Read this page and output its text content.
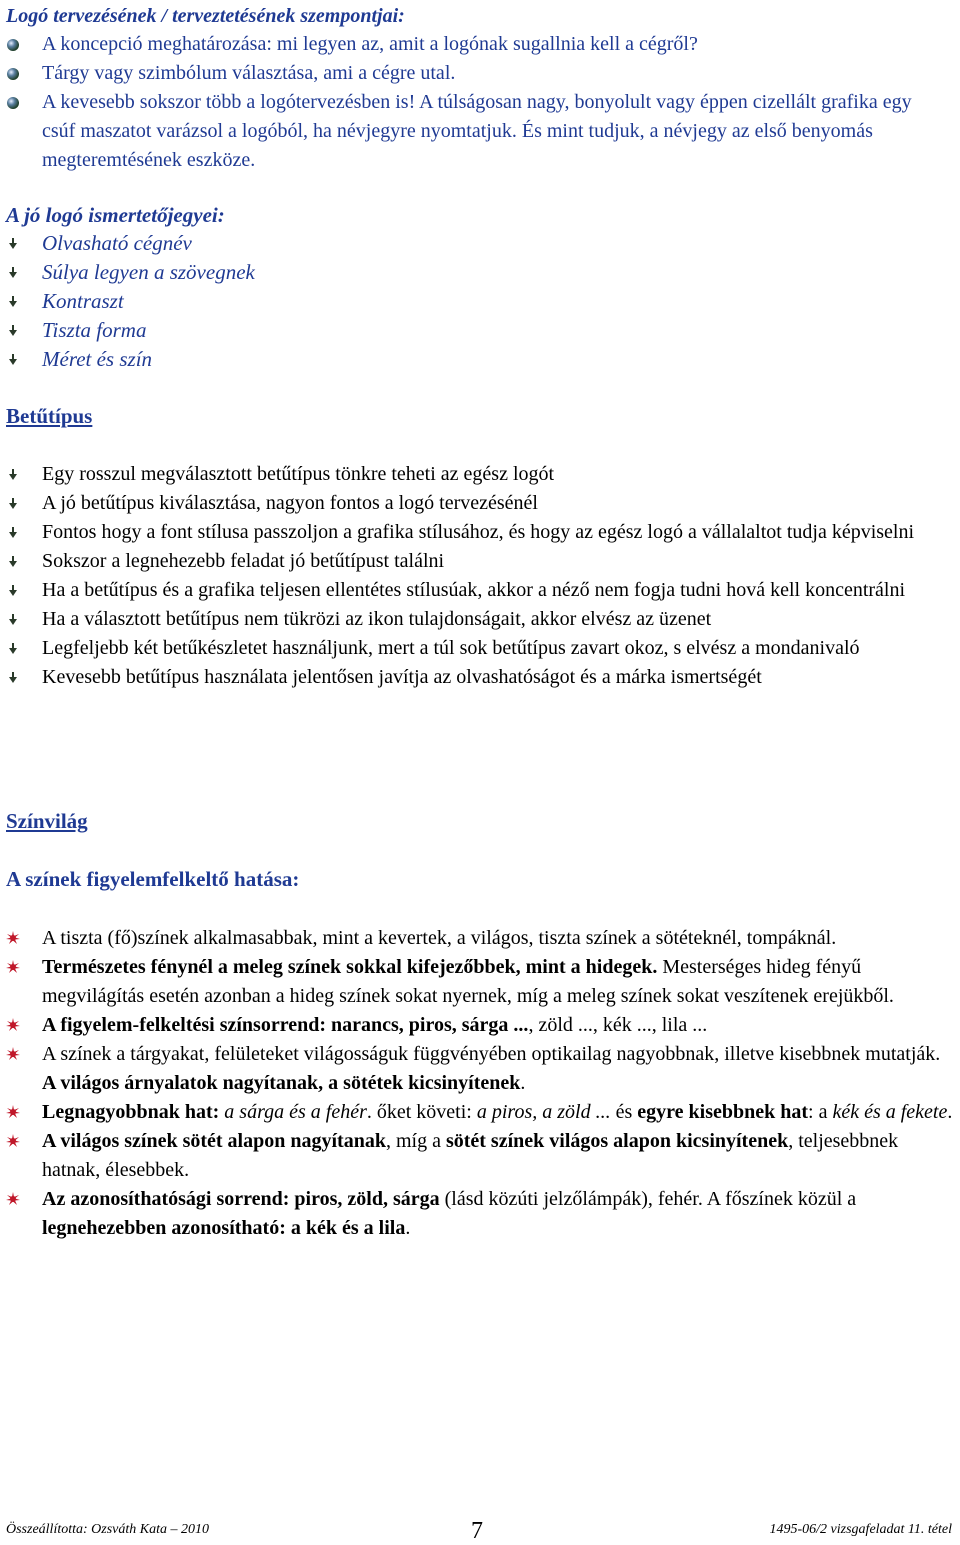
Logó tervezésének / terveztetésének szempontjai:
A koncepció meghatározása: mi legyen az, amit a logónak sugallnia kell a cégről?
Tárgy vagy szimbólum választása, ami a cégre utal.
A kevesebb sokszor több a logótervezésben is! A túlságosan nagy, bonyolult vagy éppen cizellált grafika egy csúf maszatot varázsol a logóból, ha névjegyre nyomtatjuk. És mint tudjuk, a névjegy az első benyomás megteremtésének eszköze.
A jó logó ismertetőjegyei:
Olvasható cégnév
Súlya legyen a szövegnek
Kontraszt
Tiszta forma
Méret és szín
Betűtípus
Egy rosszul megválasztott betűtípus tönkre teheti az egész logót
A jó betűtípus kiválasztása, nagyon fontos a logó tervezésénél
Fontos hogy a font stílusa passzoljon a grafika stílusához, és hogy az egész logó a vállalaltot tudja képviselni
Sokszor a legnehezebb feladat jó betűtípust találni
Ha a betűtípus és a grafika teljesen ellentétes stílusúak, akkor a néző nem fogja tudni hová kell koncentrálni
Ha a választott betűtípus nem tükrözi az ikon tulajdonságait, akkor elvész az üzenet
Legfeljebb két betűkészletet használjunk, mert a túl sok betűtípus zavart okoz, s elvész a mondanivaló
Kevesebb betűtípus használata jelentősen javítja az olvashatóságot és a márka ismertségét
Színvilág
A színek figyelemfelkeltő hatása:
A tiszta (fő)színek alkalmasabbak, mint a kevertek, a világos, tiszta színek a sötéteknél, tompáknál.
Természetes fénynél a meleg színek sokkal kifejezőbbek, mint a hidegek. Mesterséges hideg fényű megvilágítás esetén azonban a hideg színek sokat nyernek, míg a meleg színek sokat veszítenek erejükből.
A figyelem-felkeltési színsorrend: narancs, piros, sárga ..., zöld ..., kék ..., lila ...
A színek a tárgyakat, felületeket világosságuk függvényében optikailag nagyobbnak, illetve kisebbnek mutatják. A világos árnyalatok nagyítanak, a sötétek kicsinyítenek.
Legnagyobbnak hat: a sárga és a fehér. őket követi: a piros, a zöld ... és egyre kisebbnek hat: a kék és a fekete.
A világos színek sötét alapon nagyítanak, míg a sötét színek világos alapon kicsinyítenek, teljesebbnek hatnak, élesebbek.
Az azonosíthatósági sorrend: piros, zöld, sárga (lásd közúti jelzőlámpák), fehér. A főszínek közül a legnehezebben azonosítható: a kék és a lila.
Összeállította: Ozsváth Kata – 2010	7	1495-06/2 vizsgafeladat 11. tétel
